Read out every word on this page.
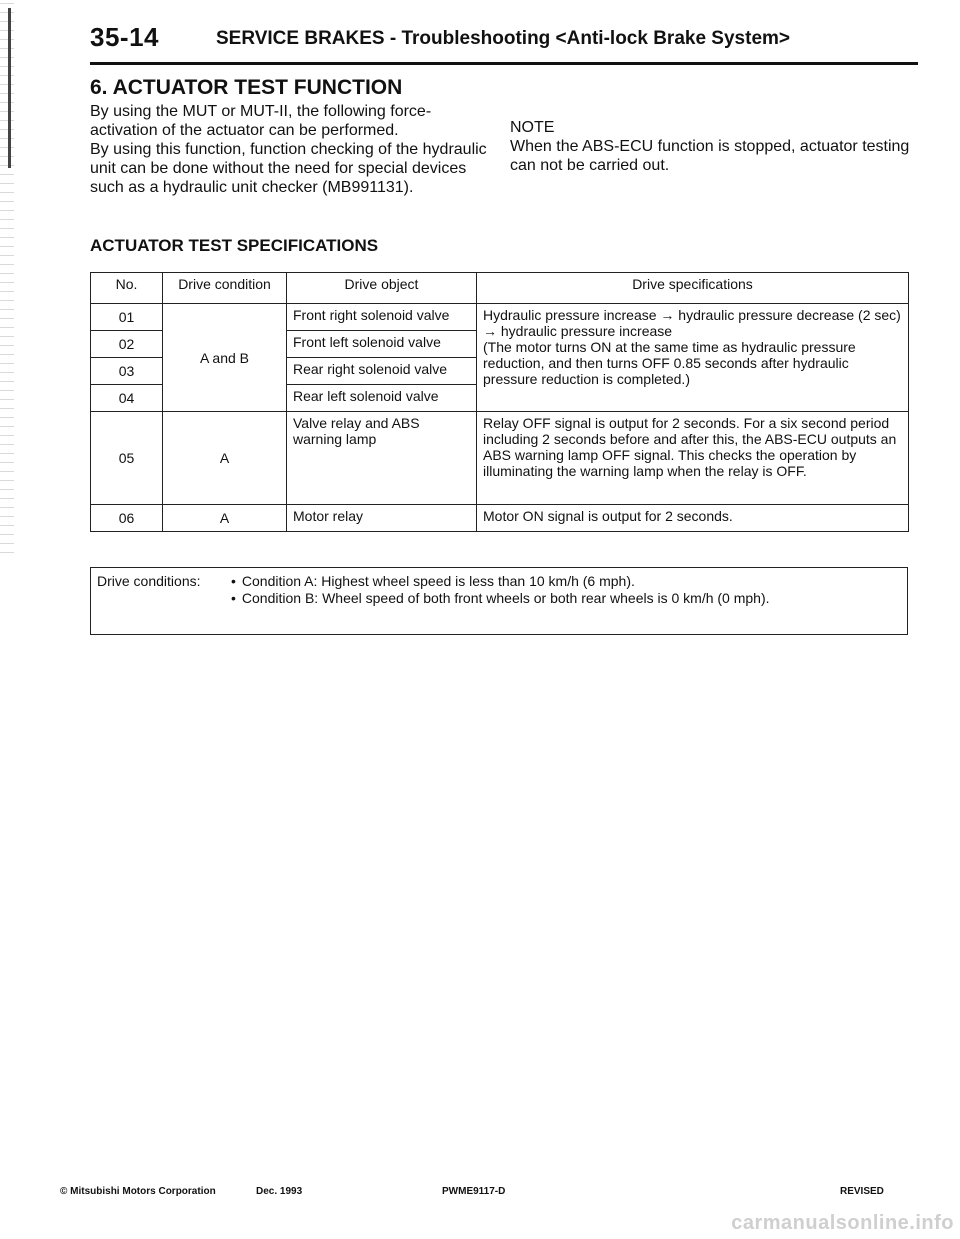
35-14	SERVICE BRAKES - Troubleshooting <Anti-lock Brake System>
6. ACTUATOR TEST FUNCTION

By using the MUT or MUT-II, the following force-activation of the actuator can be performed.

By using this function, function checking of the hydraulic unit can be done without the need for special devices such as a hydraulic unit checker (MB991131).

NOTE

When the ABS-ECU function is stopped, actuator testing can not be carried out.

ACTUATOR TEST SPECIFICATIONS
No.	Drive condition	Drive object	Drive specifications
01	A and B	Front right solenoid valve	Hydraulic pressure increase → hydraulic pressure decrease (2 sec) → hydraulic pressure increase
(The motor turns ON at the same time as hydraulic pressure reduction, and then turns OFF 0.85 seconds after hydraulic pressure reduction is completed.)

02		Front left solenoid valve	
03		Rear right solenoid valve	
04		Rear left solenoid valve	
05	A	Valve relay and ABS warning lamp	Relay OFF signal is output for 2 seconds. For a six second period including 2 seconds before and after this, the ABS-ECU outputs an ABS warning lamp OFF signal. This checks the operation by illuminating the warning lamp when the relay is OFF.
06	A	Motor relay	Motor ON signal is output for 2 seconds.
Drive conditions:	• Condition A: Highest wheel speed is less than 10 km/h (6 mph).
• Condition B: Wheel speed of both front wheels or both rear wheels is 0 km/h (0 mph).
© Mitsubishi Motors Corporation	Dec. 1993	PWME9117-D	REVISED
carmanualsonline.info
